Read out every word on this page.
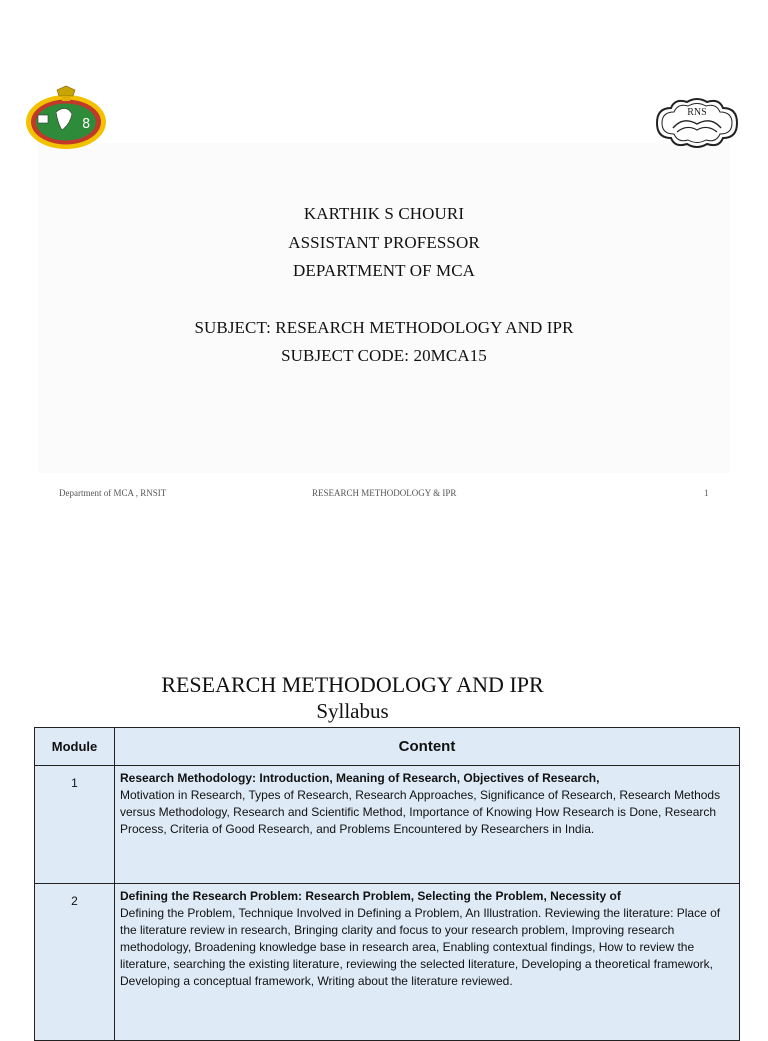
8
RNS
KARTHIK S CHOURI
ASSISTANT PROFESSOR
DEPARTMENT OF MCA
SUBJECT: RESEARCH METHODOLOGY AND IPR
SUBJECT CODE: 20MCA15
Department of MCA , RNSIT	RESEARCH METHODOLOGY & IPR	1
RESEARCH METHODOLOGY AND IPR
Syllabus
Module	Content
1	Research Methodology: Introduction, Meaning of Research, Objectives of Research,
Motivation in Research, Types of Research, Research Approaches, Significance of Research, Research Methods versus Methodology, Research and Scientific Method, Importance of Knowing How Research is Done, Research Process, Criteria of Good Research, and Problems Encountered by Researchers in India.
2	Defining the Research Problem: Research Problem, Selecting the Problem, Necessity of
Defining the Problem, Technique Involved in Defining a Problem, An Illustration. Reviewing the literature: Place of the literature review in research, Bringing clarity and focus to your research problem, Improving research methodology, Broadening knowledge base in research area, Enabling contextual findings, How to review the literature, searching the existing literature, reviewing the selected literature, Developing a theoretical framework, Developing a conceptual framework, Writing about the literature reviewed.
